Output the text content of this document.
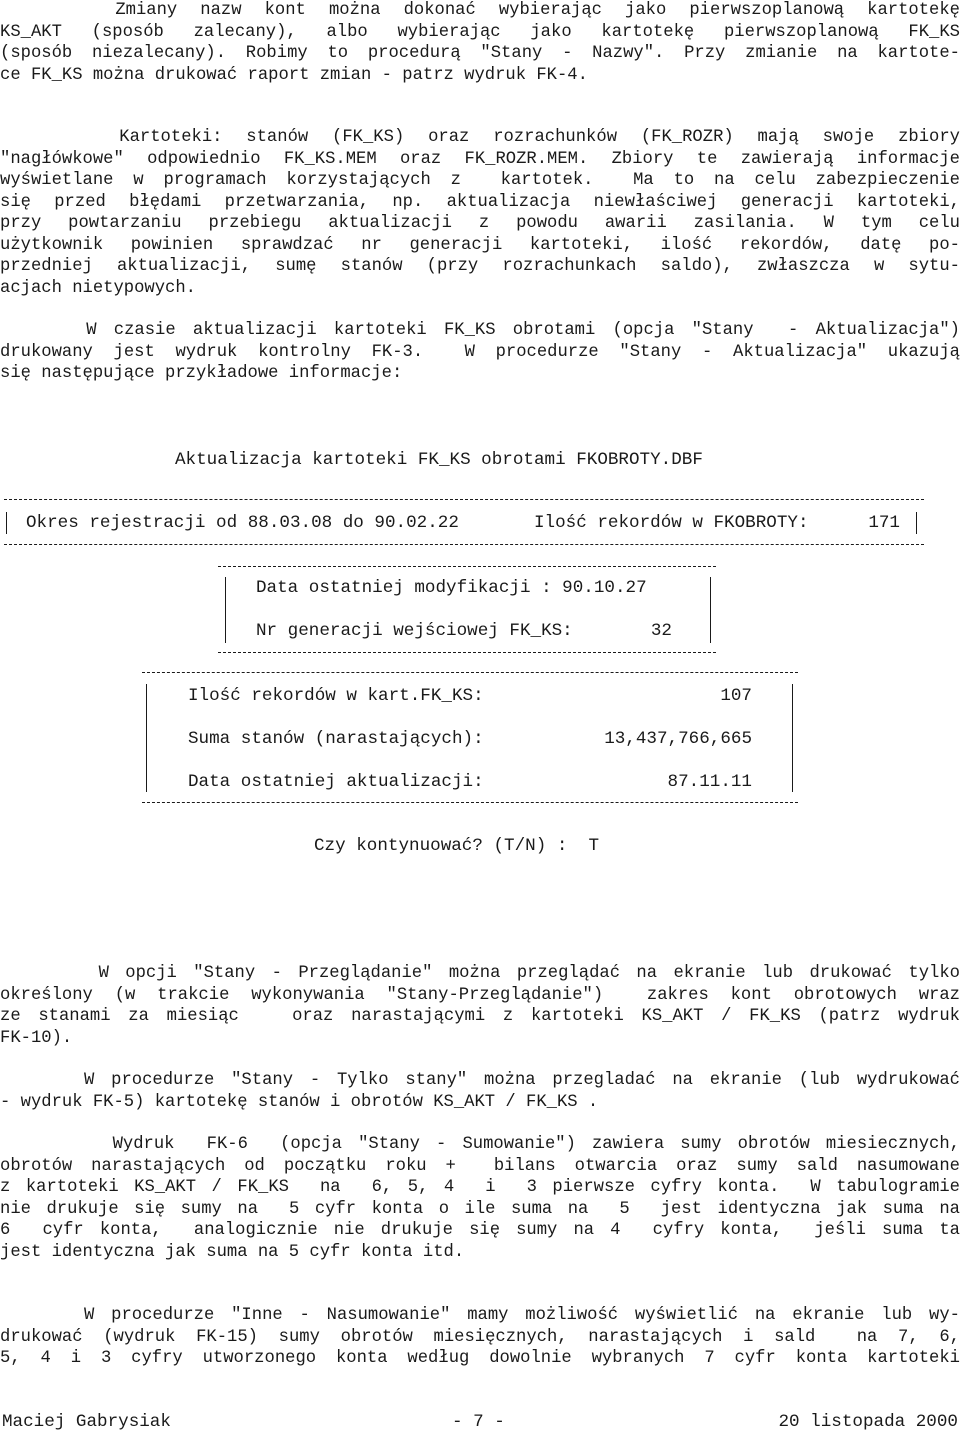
Zmiany nazw kont można dokonać wybierając jako pierwszoplanową kartotekę

KS_AKT (sposób zalecany), albo wybierając jako kartotekę pierwszoplanową FK_KS

(sposób niezalecany). Robimy to procedurą "Stany - Nazwy". Przy zmianie na kartote-

ce FK_KS można drukować raport zmian - patrz wydruk FK-4.

Kartoteki: stanów (FK_KS) oraz rozrachunków (FK_ROZR) mają swoje zbiory

"nagłówkowe" odpowiednio FK_KS.MEM oraz FK_ROZR.MEM. Zbiory te zawierają informacje

wyświetlane w programach korzystających z  kartotek.  Ma to na celu zabezpieczenie

się przed błędami przetwarzania, np. aktualizacja niewłaściwej generacji kartoteki,

przy powtarzaniu przebiegu aktualizacji z powodu awarii zasilania. W tym celu

użytkownik powinien sprawdzać nr generacji kartoteki, ilość rekordów, datę po-

przedniej aktualizacji, sumę stanów (przy rozrachunkach saldo), zwłaszcza w sytu-

acjach nietypowych.

W czasie aktualizacji kartoteki FK_KS obrotami (opcja "Stany  - Aktualizacja")

drukowany jest wydruk kontrolny FK-3.  W procedurze "Stany - Aktualizacja" ukazują

się następujące przykładowe informacje:

Aktualizacja kartoteki FK_KS obrotami FKOBROTY.DBF
Okres rejestracji od 88.03.08 do 90.02.22	Ilość rekordów w FKOBROTY:	171
Data ostatniej modyfikacji : 90.10.27
Nr generacji wejściowej FK_KS:	32
Ilość rekordów w kart.FK_KS:	107
Suma stanów (narastających):	13,437,766,665
Data ostatniej aktualizacji:	87.11.11
Czy kontynuować? (T/N) :  T

W opcji "Stany - Przeglądanie" można przeglądać na ekranie lub drukować tylko

określony (w trakcie wykonywania "Stany-Przeglądanie")  zakres kont obrotowych wraz

ze stanami za miesiąc   oraz narastającymi z kartoteki KS_AKT / FK_KS (patrz wydruk

FK-10).

W procedurze "Stany - Tylko stany" można przegladać na ekranie (lub wydrukować

- wydruk FK-5) kartotekę stanów i obrotów KS_AKT / FK_KS .

Wydruk  FK-6  (opcja "Stany - Sumowanie") zawiera sumy obrotów miesiecznych,

obrotów narastających od początku roku +  bilans otwarcia oraz sumy sald nasumowane

z kartoteki KS_AKT / FK_KS  na  6, 5, 4  i  3 pierwsze cyfry konta.  W tabulogramie

nie drukuje się sumy na  5 cyfr konta o ile suma na  5  jest identyczna jak suma na

6  cyfr konta,  analogicznie nie drukuje się sumy na 4  cyfry konta,  jeśli suma ta

jest identyczna jak suma na 5 cyfr konta itd.

W procedurze "Inne - Nasumowanie" mamy możliwość wyświetlić na ekranie lub wy-

drukować (wydruk FK-15) sumy obrotów miesięcznych, narastających i sald  na 7, 6,

5, 4 i 3 cyfry utworzonego konta według dowolnie wybranych 7 cyfr konta kartoteki

Maciej Gabrysiak	- 7 -	20 listopada 2000
